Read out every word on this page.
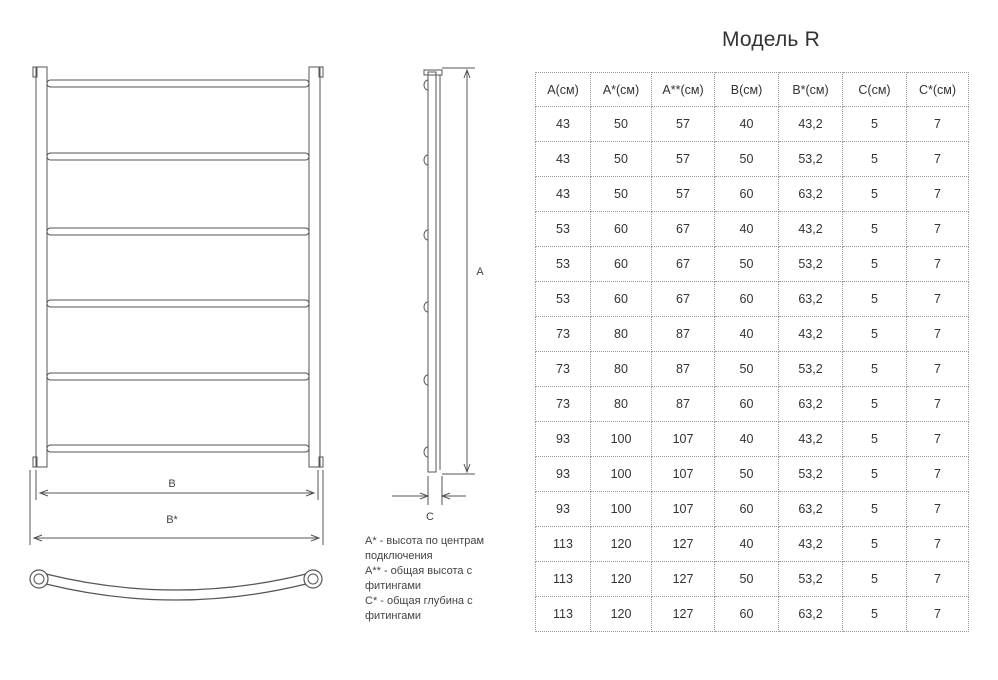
B
B*
A
C
A* - высота по центрам
подключения
A** - общая высота с
фитингами
C* - общая глубина с
фитингами
Модель R
A(см)	A*(см)	A**(см)	B(см)	B*(см)	C(см)	C*(см)
43	50	57	40	43,2	5	7
43	50	57	50	53,2	5	7
43	50	57	60	63,2	5	7
53	60	67	40	43,2	5	7
53	60	67	50	53,2	5	7
53	60	67	60	63,2	5	7
73	80	87	40	43,2	5	7
73	80	87	50	53,2	5	7
73	80	87	60	63,2	5	7
93	100	107	40	43,2	5	7
93	100	107	50	53,2	5	7
93	100	107	60	63,2	5	7
113	120	127	40	43,2	5	7
113	120	127	50	53,2	5	7
113	120	127	60	63,2	5	7
